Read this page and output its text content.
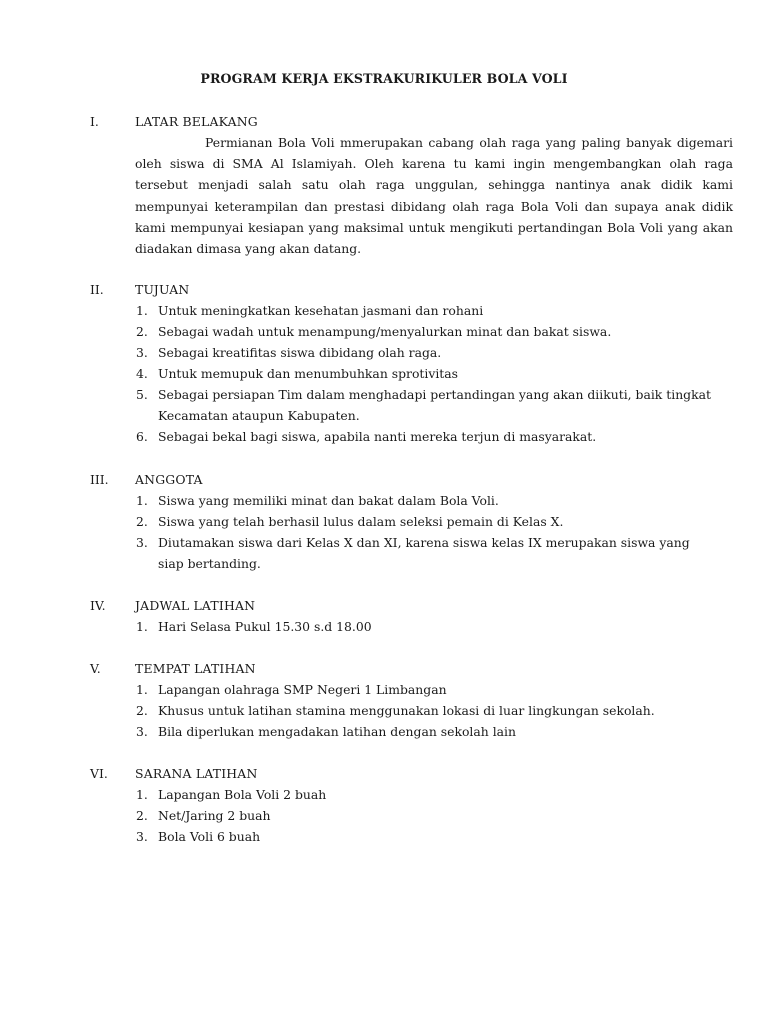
PROGRAM KERJA EKSTRAKURIKULER BOLA VOLI
I.	LATAR BELAKANG

Permianan Bola Voli mmerupakan cabang olah raga yang paling banyak digemari oleh siswa di SMA Al Islamiyah. Oleh karena tu kami ingin mengembangkan olah raga tersebut menjadi salah satu olah raga unggulan, sehingga nantinya anak didik kami mempunyai keterampilan dan prestasi dibidang olah raga Bola Voli dan supaya anak didik kami mempunyai kesiapan yang maksimal untuk mengikuti pertandingan Bola Voli yang akan diadakan dimasa yang akan datang.

II.	TUJUAN
1. Untuk meningkatkan kesehatan jasmani dan rohani
2. Sebagai wadah untuk menampung/menyalurkan minat dan bakat siswa.
3. Sebagai kreatifitas siswa dibidang olah raga.
4. Untuk memupuk dan menumbuhkan sprotivitas
5. Sebagai persiapan Tim dalam menghadapi pertandingan yang akan diikuti, baik tingkat Kecamatan ataupun Kabupaten.
6. Sebagai bekal bagi siswa, apabila nanti mereka terjun di masyarakat.
III. ANGGOTA
1. Siswa yang memiliki minat dan bakat dalam Bola Voli.
2. Siswa yang telah berhasil lulus dalam seleksi pemain di Kelas X.
3. Diutamakan siswa dari Kelas X dan XI, karena siswa kelas IX merupakan siswa yang siap bertanding.
IV. JADWAL LATIHAN
1. Hari Selasa Pukul 15.30 s.d 18.00
V.	TEMPAT LATIHAN
1. Lapangan olahraga SMP Negeri 1 Limbangan
2. Khusus untuk latihan stamina menggunakan lokasi di luar lingkungan sekolah.
3. Bila diperlukan mengadakan latihan dengan sekolah lain
VI. SARANA LATIHAN
1. Lapangan Bola Voli 2 buah
2. Net/Jaring 2 buah
3. Bola Voli 6 buah
